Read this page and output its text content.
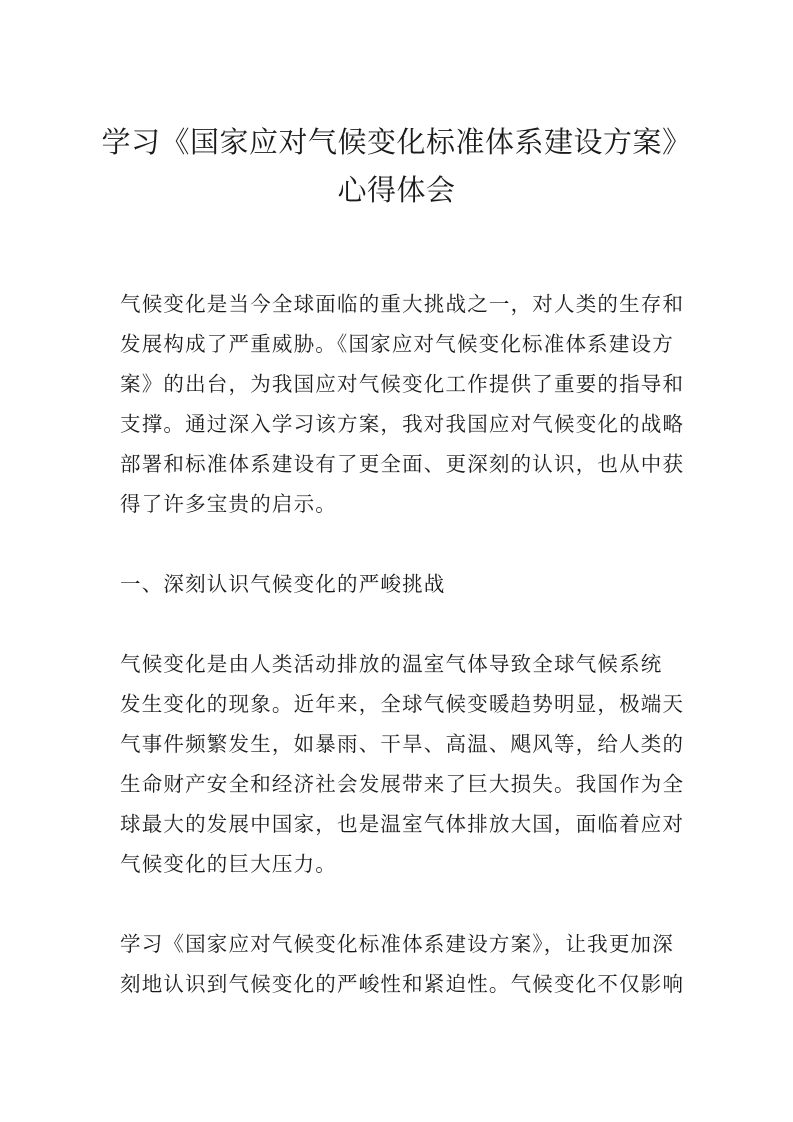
学习《国家应对气候变化标准体系建设方案》
心得体会

气候变化是当今全球面临的重大挑战之一，对人类的生存和
发展构成了严重威胁。《国家应对气候变化标准体系建设方
案》的出台，为我国应对气候变化工作提供了重要的指导和
支撑。通过深入学习该方案，我对我国应对气候变化的战略
部署和标准体系建设有了更全面、更深刻的认识，也从中获
得了许多宝贵的启示。

一、深刻认识气候变化的严峻挑战

气候变化是由人类活动排放的温室气体导致全球气候系统
发生变化的现象。近年来，全球气候变暖趋势明显，极端天
气事件频繁发生，如暴雨、干旱、高温、飓风等，给人类的
生命财产安全和经济社会发展带来了巨大损失。我国作为全
球最大的发展中国家，也是温室气体排放大国，面临着应对
气候变化的巨大压力。

学习《国家应对气候变化标准体系建设方案》，让我更加深
刻地认识到气候变化的严峻性和紧迫性。气候变化不仅影响
